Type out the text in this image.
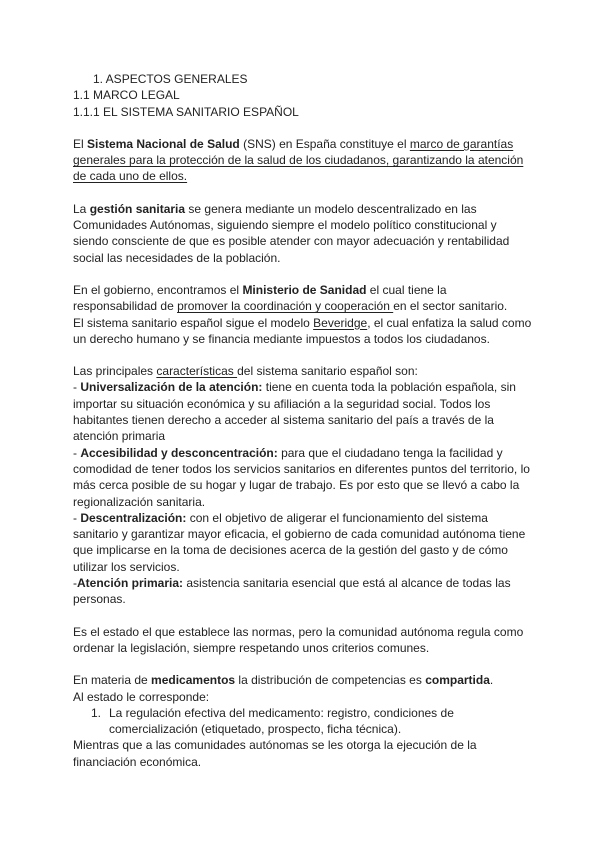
1. ASPECTOS GENERALES

1.1 MARCO LEGAL

1.1.1 EL SISTEMA SANITARIO ESPAÑOL

El Sistema Nacional de Salud (SNS) en España constituye el marco de garantías generales para la protección de la salud de los ciudadanos, garantizando la atención de cada uno de ellos.

La gestión sanitaria se genera mediante un modelo descentralizado en las Comunidades Autónomas, siguiendo siempre el modelo político constitucional y siendo consciente de que es posible atender con mayor adecuación y rentabilidad social las necesidades de la población.

En el gobierno, encontramos el Ministerio de Sanidad el cual tiene la responsabilidad de promover la coordinación y cooperación en el sector sanitario.

El sistema sanitario español sigue el modelo Beveridge, el cual enfatiza la salud como un derecho humano y se financia mediante impuestos a todos los ciudadanos.

Las principales características del sistema sanitario español son:

- Universalización de la atención: tiene en cuenta toda la población española, sin importar su situación económica y su afiliación a la seguridad social. Todos los habitantes tienen derecho a acceder al sistema sanitario del país a través de la atención primaria

- Accesibilidad y desconcentración: para que el ciudadano tenga la facilidad y comodidad de tener todos los servicios sanitarios en diferentes puntos del territorio, lo más cerca posible de su hogar y lugar de trabajo. Es por esto que se llevó a cabo la regionalización sanitaria.

- Descentralización: con el objetivo de aligerar el funcionamiento del sistema sanitario y garantizar mayor eficacia, el gobierno de cada comunidad autónoma tiene que implicarse en la toma de decisiones acerca de la gestión del gasto y de cómo utilizar los servicios.

-Atención primaria: asistencia sanitaria esencial que está al alcance de todas las personas.

Es el estado el que establece las normas, pero la comunidad autónoma regula como ordenar la legislación, siempre respetando unos criterios comunes.

En materia de medicamentos la distribución de competencias es compartida.

Al estado le corresponde:

1. La regulación efectiva del medicamento: registro, condiciones de comercialización (etiquetado, prospecto, ficha técnica).

Mientras que a las comunidades autónomas se les otorga la ejecución de la financiación económica.
